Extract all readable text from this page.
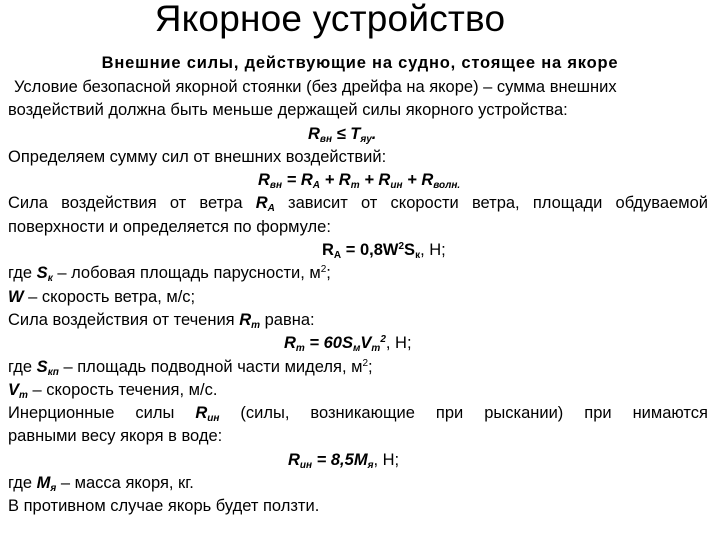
Якорное устройство
Внешние силы, действующие на судно, стоящее на якоре

Условие безопасной якорной стоянки (без дрейфа на якоре) – сумма внешних

воздействий должна быть меньше держащей силы якорного устройства:

$R_{вн} \le T_{яу}$.

Определяем сумму сил от внешних воздействий:

$R_{вн} = R_A + R_т + R_{ин} + R_{волн.}$

Сила воздействия от ветра $R_A$ зависит от скорости ветра, площади обдуваемой

поверхности и определяется по формуле:

$R_A = 0,8W^2S_к$, Н;

где $S_к$ – лобовая площадь парусности, $м^2$;

W – скорость ветра, м/с;

Сила воздействия от течения $R_т$ равна:

$R_т = 60S_мV_т^2$, Н;

где $S_{кп}$ – площадь подводной части миделя, $м^2$;

$V_т$ – скорость течения, м/с.

Инерционные силы $R_{ин}$ (силы, возникающие при рыскании) при нимаются

равными весу якоря в воде:

$R_{ин} = 8,5M_я$, Н;

где $M_я$ – масса якоря, кг.

В противном случае якорь будет ползти.
